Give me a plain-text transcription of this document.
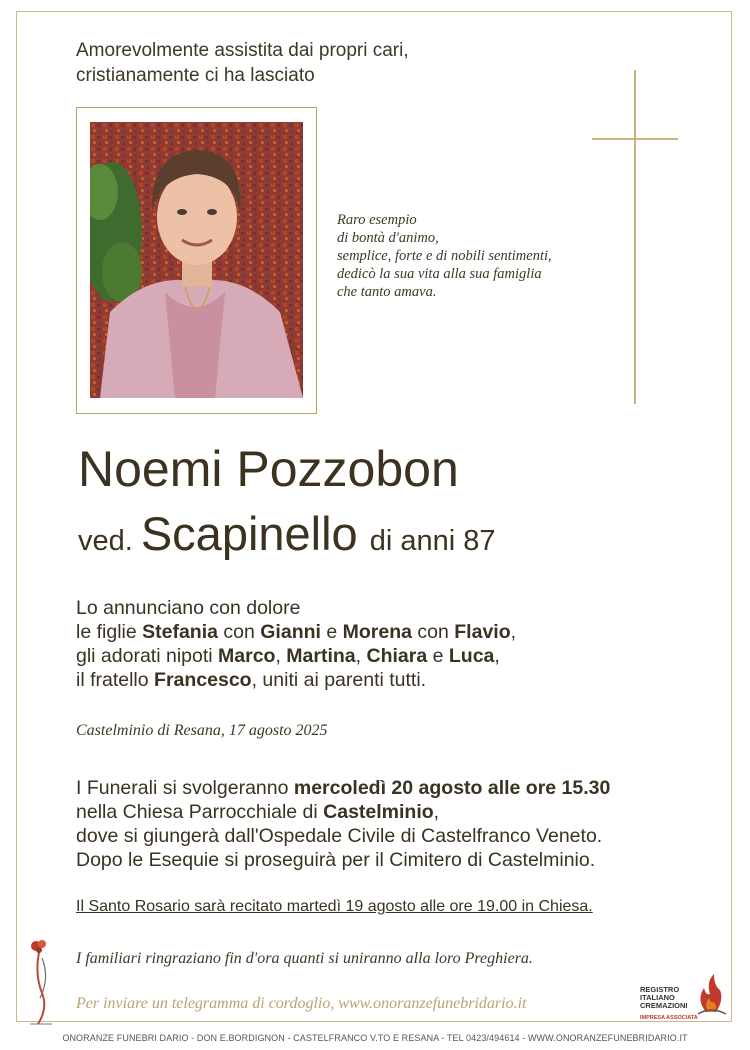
Amorevolmente assistita dai propri cari,
cristianamente ci ha lasciato
Raro esempio
di bontà d'animo,
semplice, forte e di nobili sentimenti,
dedicò la sua vita alla sua famiglia
che tanto amava.
Noemi Pozzobon
ved. Scapinello di anni 87
Lo annunciano con dolore
le figlie Stefania con Gianni e Morena con Flavio,
gli adorati nipoti Marco, Martina, Chiara e Luca,
il fratello Francesco, uniti ai parenti tutti.
Castelminio di Resana, 17 agosto 2025
I Funerali si svolgeranno mercoledì 20 agosto alle ore 15.30
nella Chiesa Parrocchiale di Castelminio,
dove si giungerà dall'Ospedale Civile di Castelfranco Veneto.
Dopo le Esequie si proseguirà per il Cimitero di Castelminio.
Il Santo Rosario sarà recitato martedì 19 agosto alle ore 19.00 in Chiesa.
I familiari ringraziano fin d'ora quanti si uniranno alla loro Preghiera.
Per inviare un telegramma di cordoglio, www.onoranzefunebridario.it
REGISTRO
ITALIANO
CREMAZIONI
IMPRESA ASSOCIATA
ONORANZE FUNEBRI DARIO - DON E.BORDIGNON - CASTELFRANCO V.TO E RESANA - TEL 0423/494614 - WWW.ONORANZEFUNEBRIDARIO.IT
